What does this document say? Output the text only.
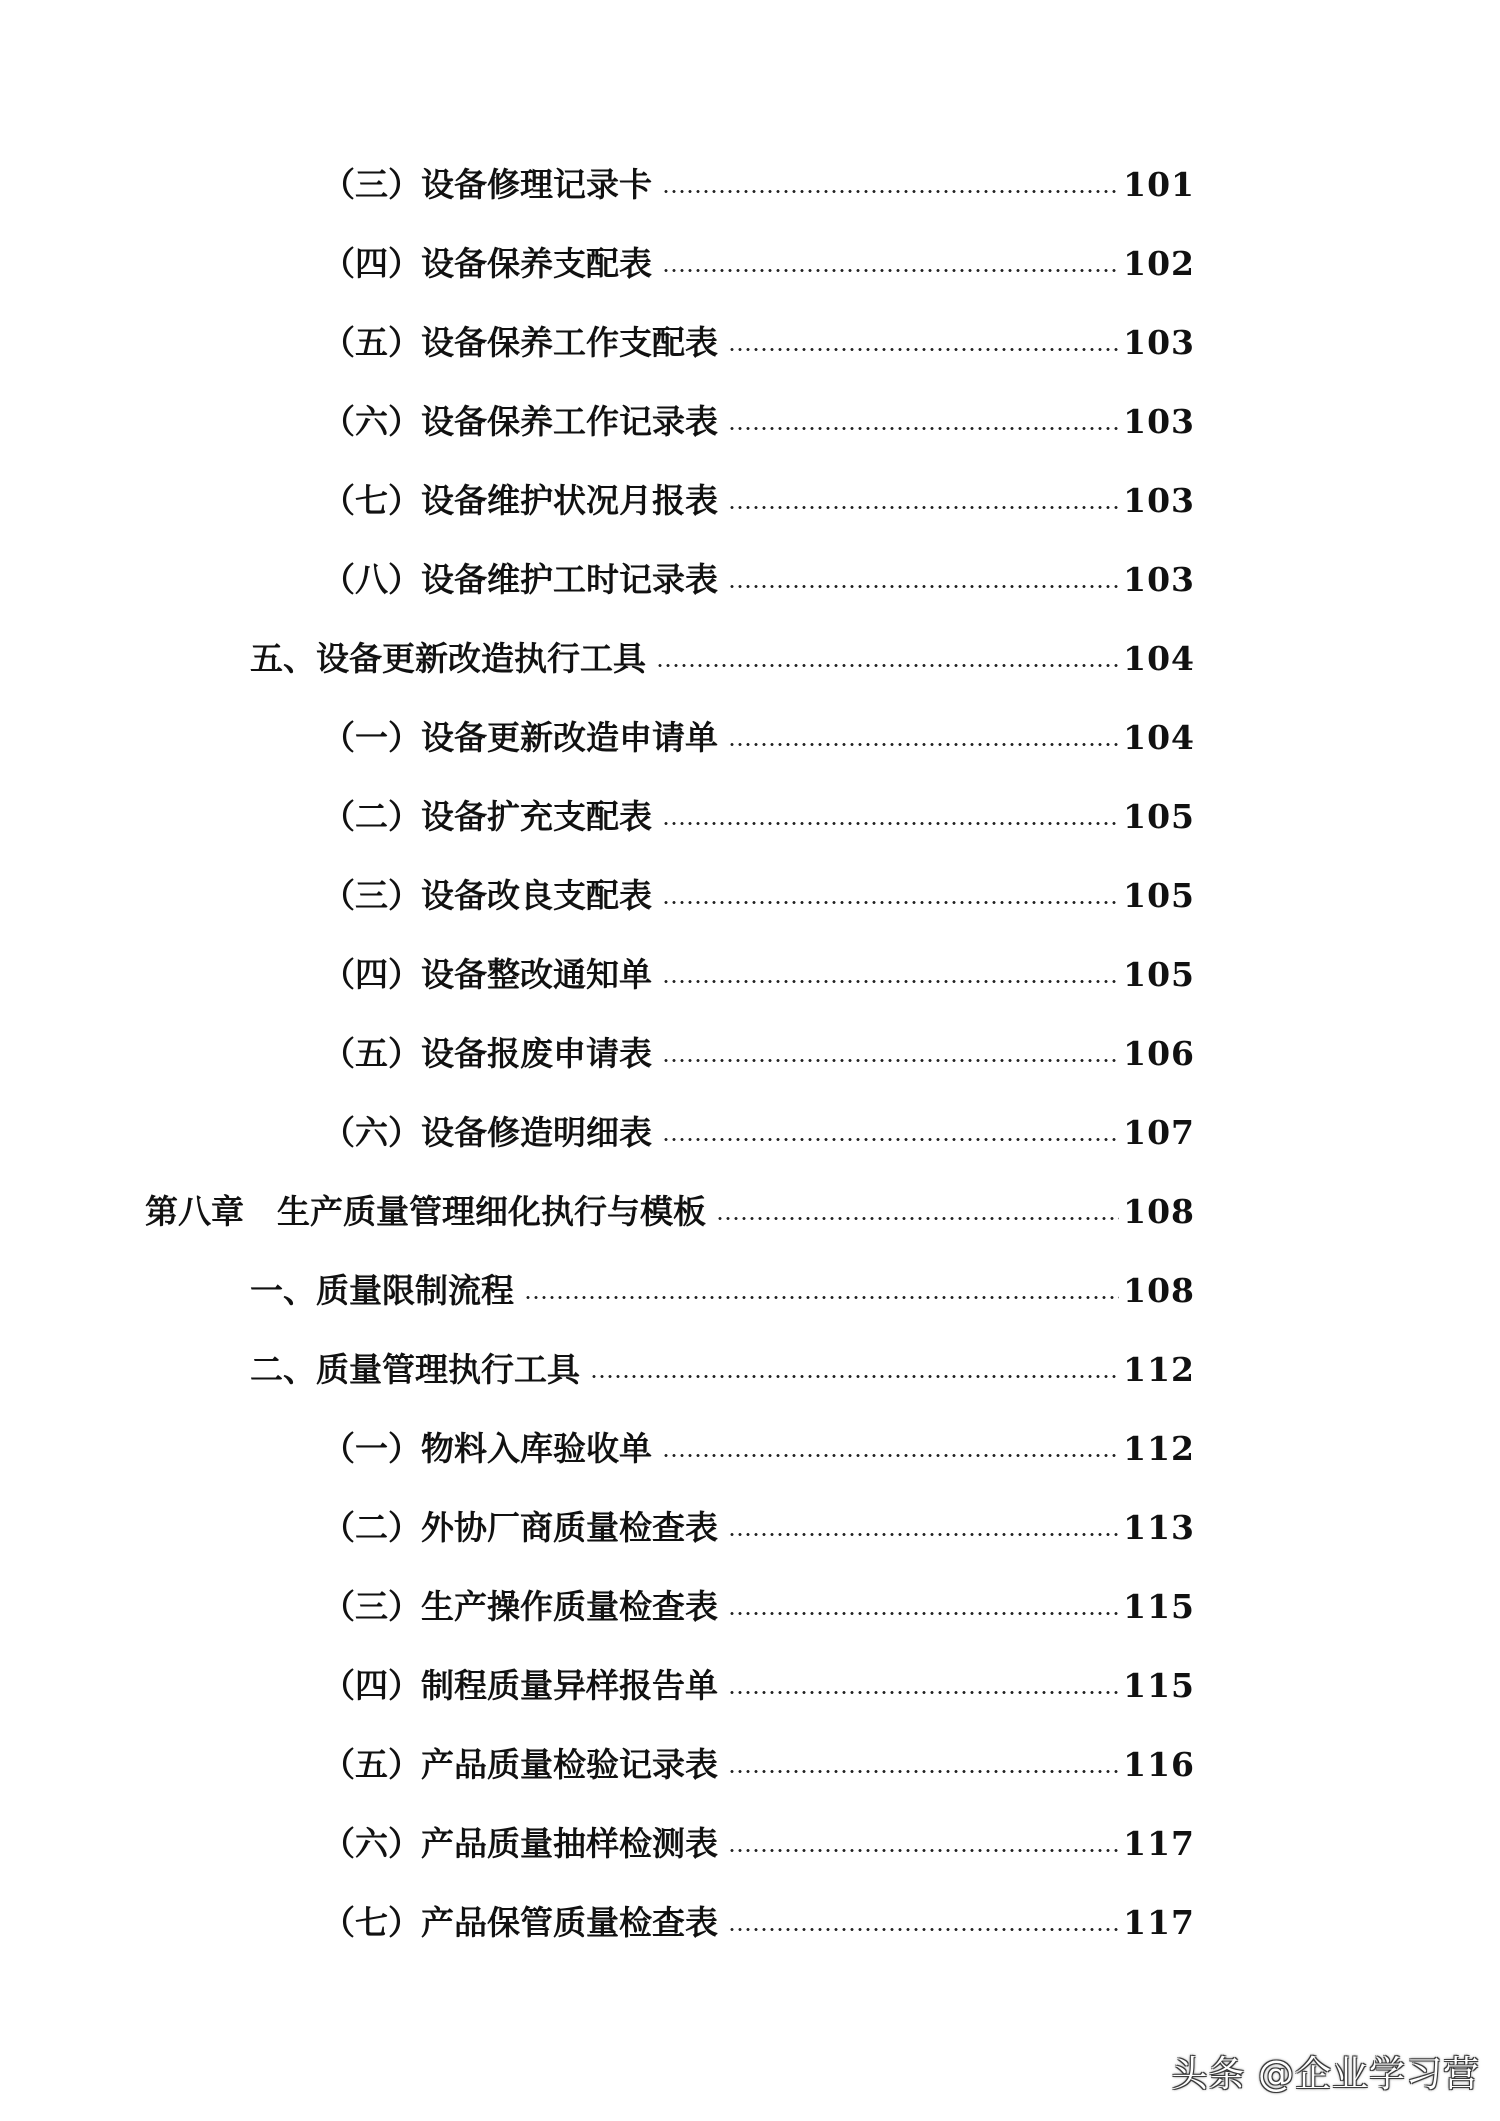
（三）设备修理记录卡	101
（四）设备保养支配表	102
（五）设备保养工作支配表	103
（六）设备保养工作记录表	103
（七）设备维护状况月报表	103
（八）设备维护工时记录表	103
五、设备更新改造执行工具	104
（一）设备更新改造申请单	104
（二）设备扩充支配表	105
（三）设备改良支配表	105
（四）设备整改通知单	105
（五）设备报废申请表	106
（六）设备修造明细表	107
第八章　生产质量管理细化执行与模板	108
一、质量限制流程	108
二、质量管理执行工具	112
（一）物料入库验收单	112
（二）外协厂商质量检查表	113
（三）生产操作质量检查表	115
（四）制程质量异样报告单	115
（五）产品质量检验记录表	116
（六）产品质量抽样检测表	117
（七）产品保管质量检查表	117
头条 @企业学习营
